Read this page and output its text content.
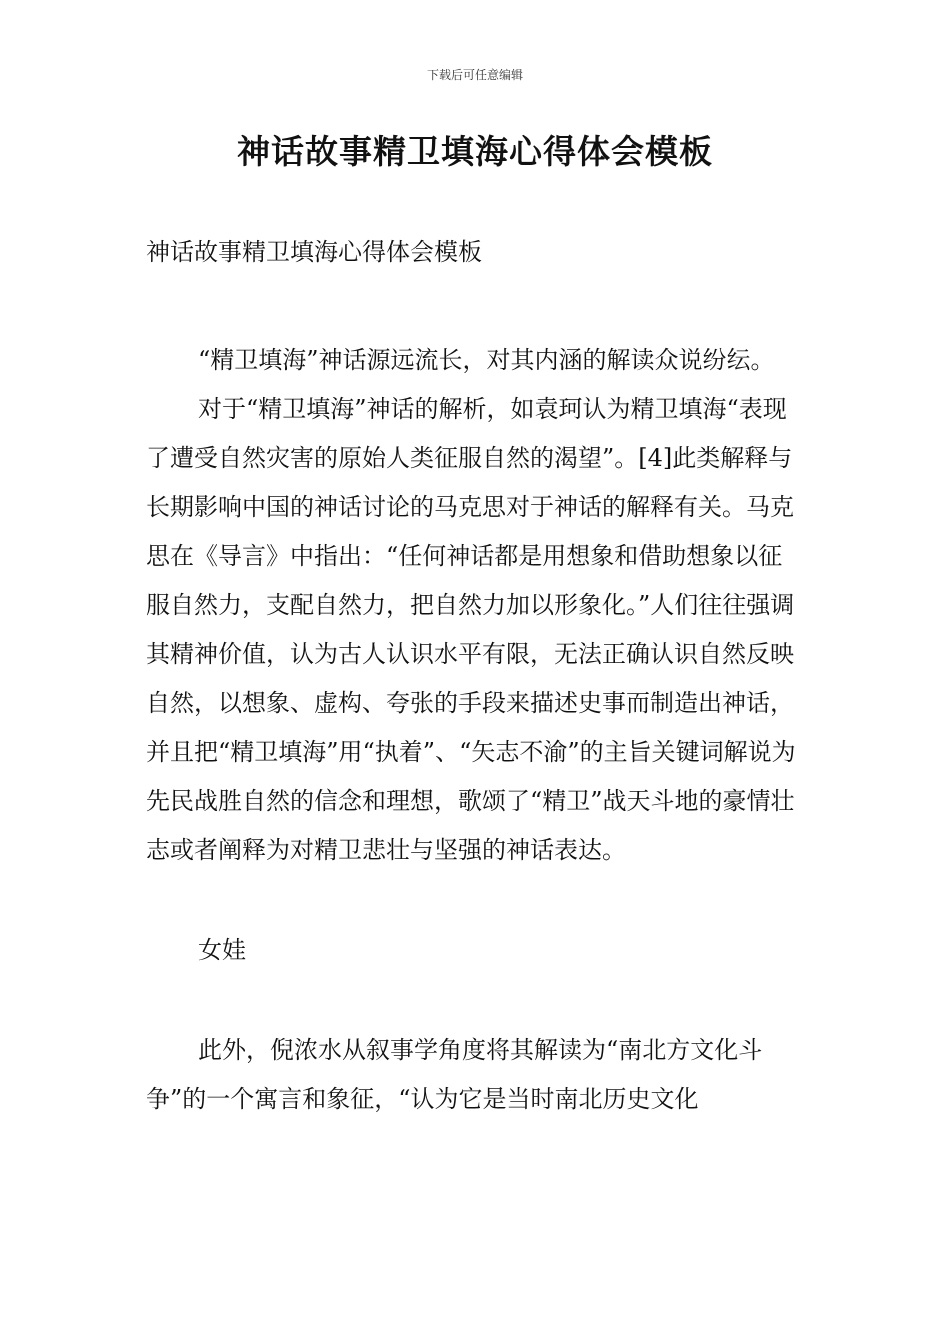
下载后可任意编辑
神话故事精卫填海心得体会模板

神话故事精卫填海心得体会模板

“精卫填海”神话源远流长，对其内涵的解读众说纷纭。

对于“精卫填海”神话的解析，如袁珂认为精卫填海“表现了遭受自然灾害的原始人类征服自然的渴望”。[4]此类解释与长期影响中国的神话讨论的马克思对于神话的解释有关。马克思在《导言》中指出：“任何神话都是用想象和借助想象以征服自然力，支配自然力，把自然力加以形象化。”人们往往强调其精神价值，认为古人认识水平有限，无法正确认识自然反映自然，以想象、虚构、夸张的手段来描述史事而制造出神话，并且把“精卫填海”用“执着”、“矢志不渝”的主旨关键词解说为先民战胜自然的信念和理想，歌颂了“精卫”战天斗地的豪情壮志或者阐释为对精卫悲壮与坚强的神话表达。

女娃

此外，倪浓水从叙事学角度将其解读为“南北方文化斗争”的一个寓言和象征，“认为它是当时南北历史文化
